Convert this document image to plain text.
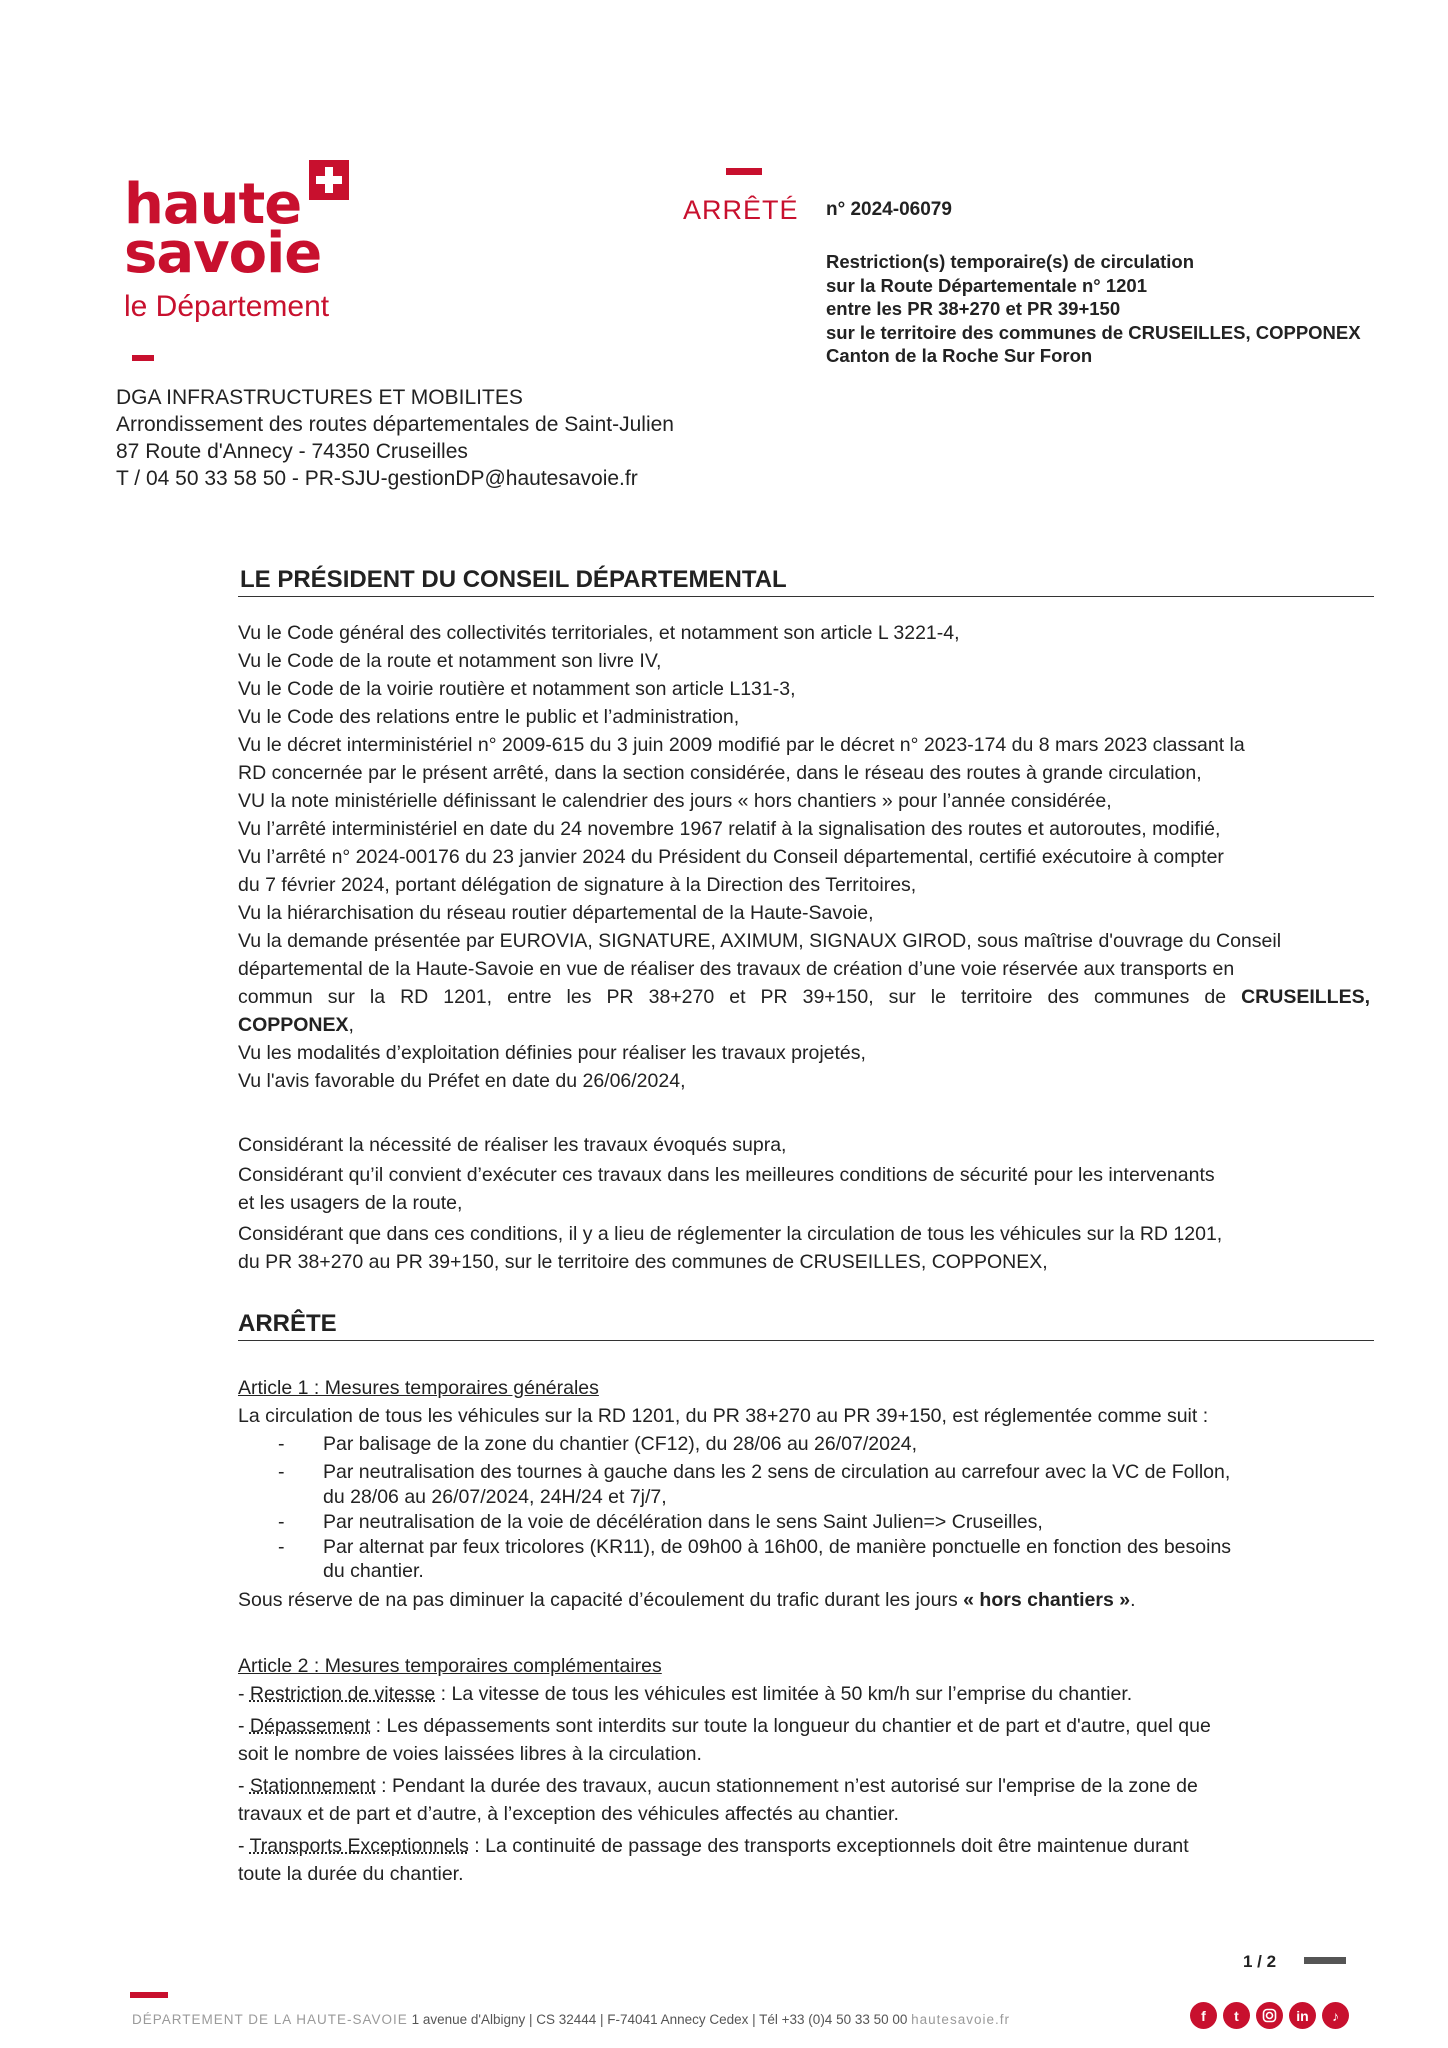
haute
savoie
le Département
ARRÊTÉ n° 2024-06079
Restriction(s) temporaire(s) de circulation
sur la Route Départementale n° 1201
entre les PR 38+270 et PR 39+150
sur le territoire des communes de CRUSEILLES, COPPONEX
Canton de la Roche Sur Foron
DGA INFRASTRUCTURES ET MOBILITES
Arrondissement des routes départementales de Saint-Julien
87 Route d'Annecy - 74350 Cruseilles
T / 04 50 33 58 50 - PR-SJU-gestionDP@hautesavoie.fr
LE PRÉSIDENT DU CONSEIL DÉPARTEMENTAL
Vu le Code général des collectivités territoriales, et notamment son article L 3221-4,
Vu le Code de la route et notamment son livre IV,
Vu le Code de la voirie routière et notamment son article L131-3,
Vu le Code des relations entre le public et l’administration,
Vu le décret interministériel n° 2009-615 du 3 juin 2009 modifié par le décret n° 2023-174 du 8 mars 2023 classant la
RD concernée par le présent arrêté, dans la section considérée, dans le réseau des routes à grande circulation,
VU la note ministérielle définissant le calendrier des jours « hors chantiers » pour l’année considérée,
Vu l’arrêté interministériel en date du 24 novembre 1967 relatif à la signalisation des routes et autoroutes, modifié,
Vu l’arrêté n° 2024-00176 du 23 janvier 2024 du Président du Conseil départemental, certifié exécutoire à compter
du 7 février 2024, portant délégation de signature à la Direction des Territoires,
Vu la hiérarchisation du réseau routier départemental de la Haute-Savoie,
Vu la demande présentée par EUROVIA, SIGNATURE, AXIMUM, SIGNAUX GIROD, sous maîtrise d'ouvrage du Conseil
départemental de la Haute-Savoie en vue de réaliser des travaux de création d’une voie réservée aux transports en
commun sur la RD 1201, entre les PR 38+270 et PR 39+150, sur le territoire des communes de CRUSEILLES,
COPPONEX,
Vu les modalités d’exploitation définies pour réaliser les travaux projetés,
Vu l'avis favorable du Préfet en date du 26/06/2024,
Considérant la nécessité de réaliser les travaux évoqués supra,
Considérant qu’il convient d’exécuter ces travaux dans les meilleures conditions de sécurité pour les intervenants
et les usagers de la route,
Considérant que dans ces conditions, il y a lieu de réglementer la circulation de tous les véhicules sur la RD 1201,
du PR 38+270 au PR 39+150, sur le territoire des communes de CRUSEILLES, COPPONEX,
ARRÊTE
Article 1 : Mesures temporaires générales
La circulation de tous les véhicules sur la RD 1201, du PR 38+270 au PR 39+150, est réglementée comme suit :
- Par balisage de la zone du chantier (CF12), du 28/06 au 26/07/2024,
- Par neutralisation des tournes à gauche dans les 2 sens de circulation au carrefour avec la VC de Follon,
du 28/06 au 26/07/2024, 24H/24 et 7j/7,
- Par neutralisation de la voie de décélération dans le sens Saint Julien=> Cruseilles,
- Par alternat par feux tricolores (KR11), de 09h00 à 16h00, de manière ponctuelle en fonction des besoins
du chantier.
Sous réserve de na pas diminuer la capacité d’écoulement du trafic durant les jours « hors chantiers ».
Article 2 : Mesures temporaires complémentaires
- Restriction de vitesse : La vitesse de tous les véhicules est limitée à 50 km/h sur l’emprise du chantier.
- Dépassement : Les dépassements sont interdits sur toute la longueur du chantier et de part et d'autre, quel que
soit le nombre de voies laissées libres à la circulation.
- Stationnement : Pendant la durée des travaux, aucun stationnement n’est autorisé sur l'emprise de la zone de
travaux et de part et d’autre, à l’exception des véhicules affectés au chantier.
- Transports Exceptionnels : La continuité de passage des transports exceptionnels doit être maintenue durant
toute la durée du chantier.
1 / 2
DÉPARTEMENT DE LA HAUTE-SAVOIE 1 avenue d'Albigny | CS 32444 | F-74041 Annecy Cedex | Tél +33 (0)4 50 33 50 00 hautesavoie.fr	f	t	in	♪
